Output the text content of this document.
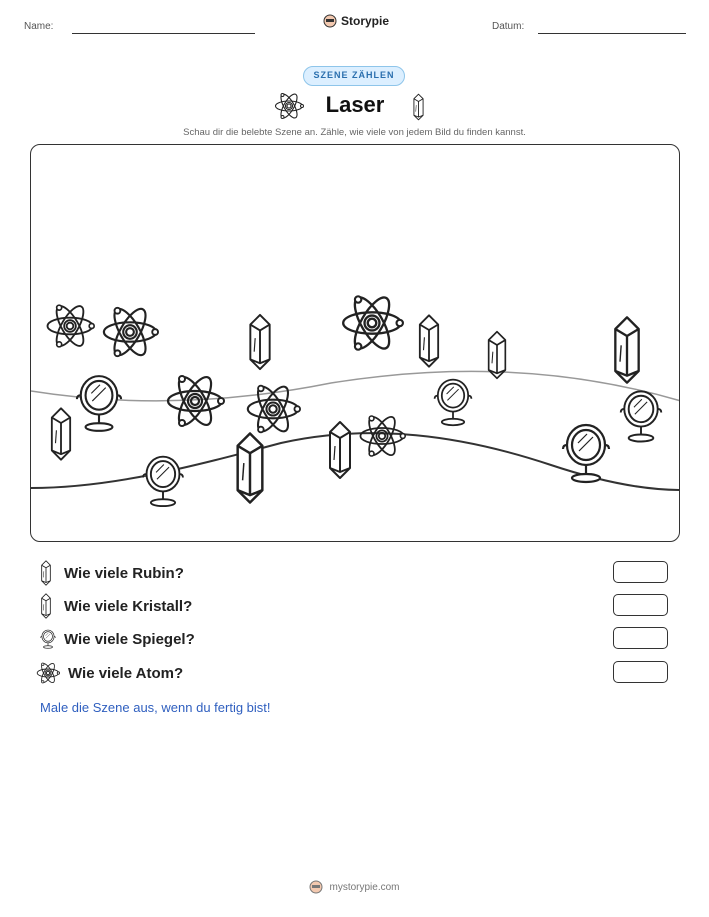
Name:	Storypie	Datum:
SZENE ZÄHLEN
Laser
Schau dir die belebte Szene an. Zähle, wie viele von jedem Bild du finden kannst.
Wie viele Rubin?
Wie viele Kristall?
Wie viele Spiegel?
Wie viele Atom?
Male die Szene aus, wenn du fertig bist!
mystorypie.com
